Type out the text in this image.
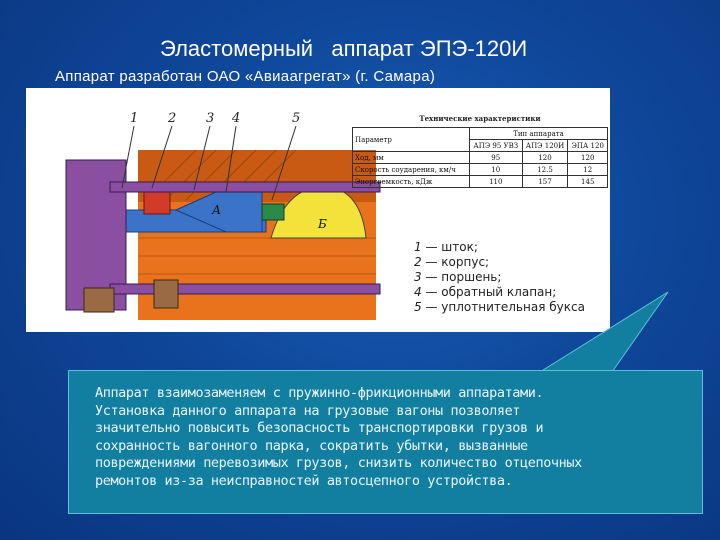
Эластомерный   аппарат ЭПЭ-120И
Аппарат разработан ОАО «Авиаагрегат» (г. Самара)
1 2 3 4	5
А
Б
Технические характеристики
Параметр	Тип аппарата		
	АПЭ 95 УВЗ	АПЭ 120И	ЭПА 120
Ход, мм	95	120	120
Скорость соударения, км/ч	10	12.5	12
Энергоемкость, кДж	110	157	145
1 — шток;
2 — корпус;
3 — поршень;
4 — обратный клапан;
5 — уплотнительная букса
Аппарат взаимозаменяем с пружинно-фрикционными аппаратами.
Установка данного аппарата на грузовые вагоны позволяет
значительно повысить безопасность транспортировки грузов и
сохранность вагонного парка, сократить убытки, вызванные
повреждениями перевозимых грузов, снизить количество отцепочных
ремонтов из-за неисправностей автосцепного устройства.
